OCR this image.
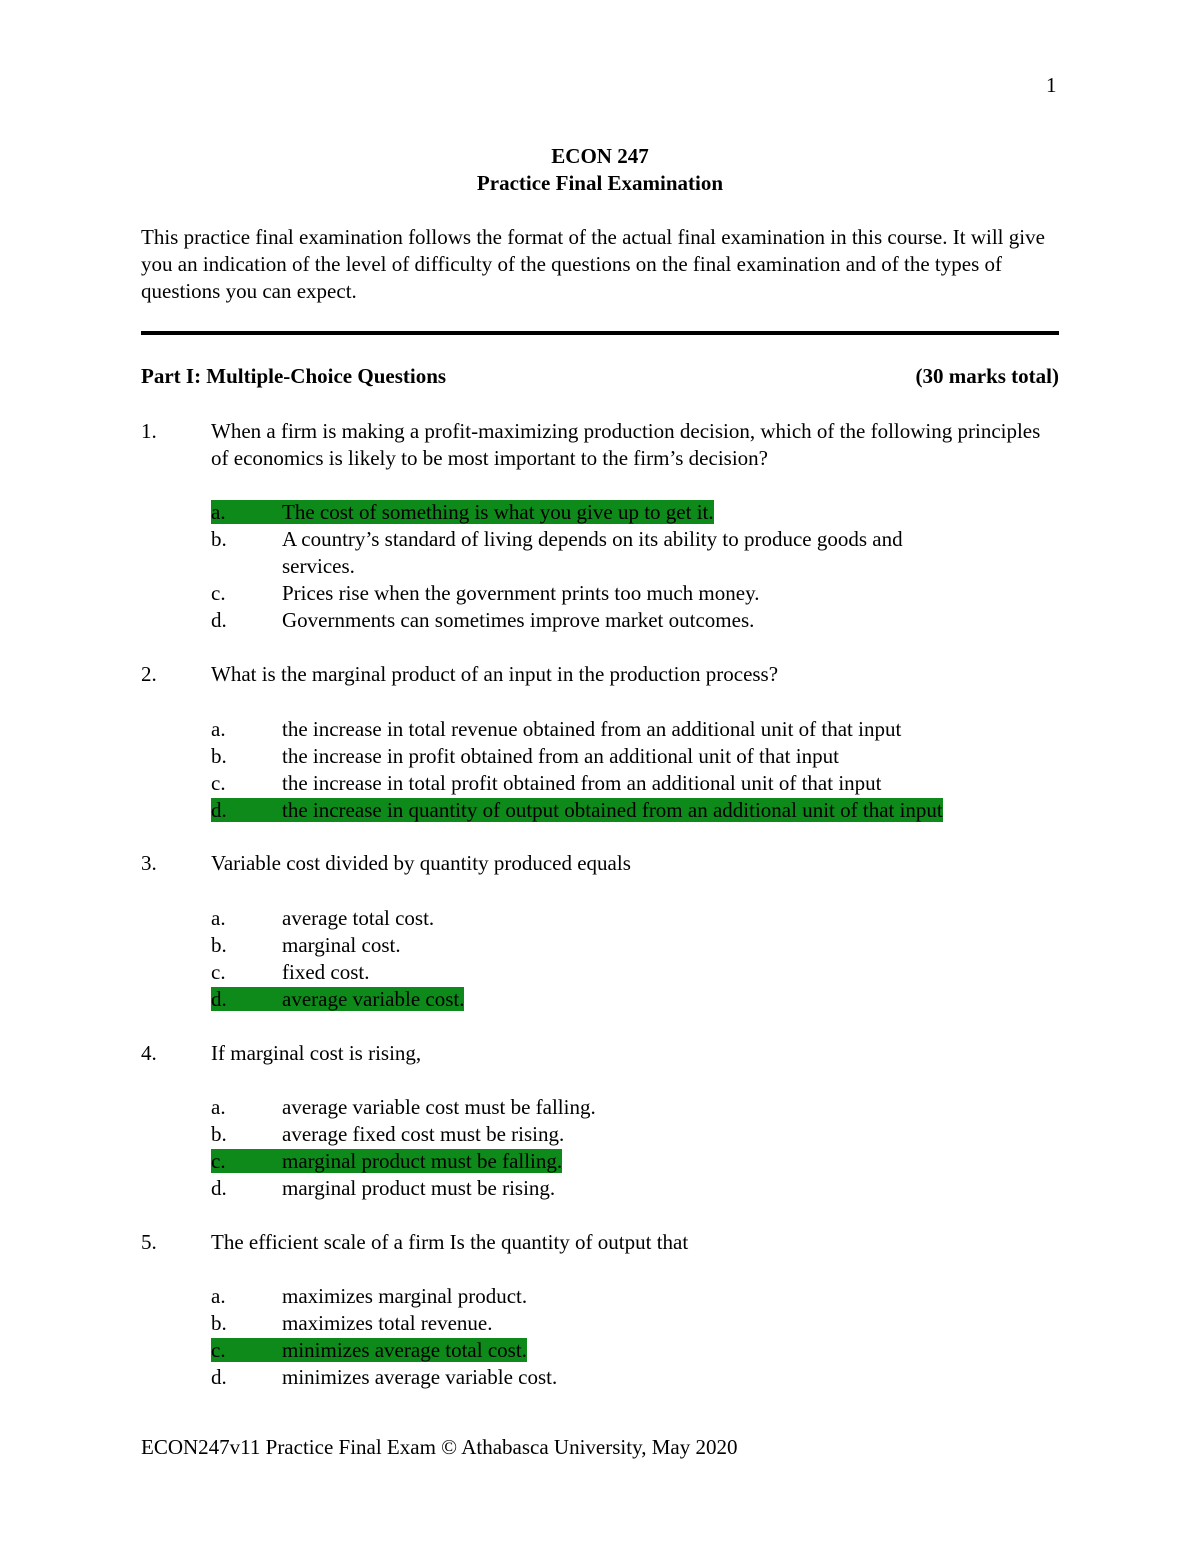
1
ECON 247
Practice Final Examination
This practice final examination follows the format of the actual final examination in this course. It will give you an indication of the level of difficulty of the questions on the final examination and of the types of questions you can expect.
Part I: Multiple-Choice Questions	(30 marks total)
1.	When a firm is making a profit-maximizing production decision, which of the following principles of economics is likely to be most important to the firm’s decision?
a.	The cost of something is what you give up to get it.
b.	A country’s standard of living depends on its ability to produce goods and
services.
c.	Prices rise when the government prints too much money.
d.	Governments can sometimes improve market outcomes.
2.	What is the marginal product of an input in the production process?
a.	the increase in total revenue obtained from an additional unit of that input
b.	the increase in profit obtained from an additional unit of that input
c.	the increase in total profit obtained from an additional unit of that input
d.	the increase in quantity of output obtained from an additional unit of that input
3.	Variable cost divided by quantity produced equals
a.	average total cost.
b.	marginal cost.
c.	fixed cost.
d.	average variable cost.
4.	If marginal cost is rising,
a.	average variable cost must be falling.
b.	average fixed cost must be rising.
c.	marginal product must be falling.
d.	marginal product must be rising.
5.	The efficient scale of a firm Is the quantity of output that
a.	maximizes marginal product.
b.	maximizes total revenue.
c.	minimizes average total cost.
d.	minimizes average variable cost.
ECON247v11 Practice Final Exam © Athabasca University, May 2020
